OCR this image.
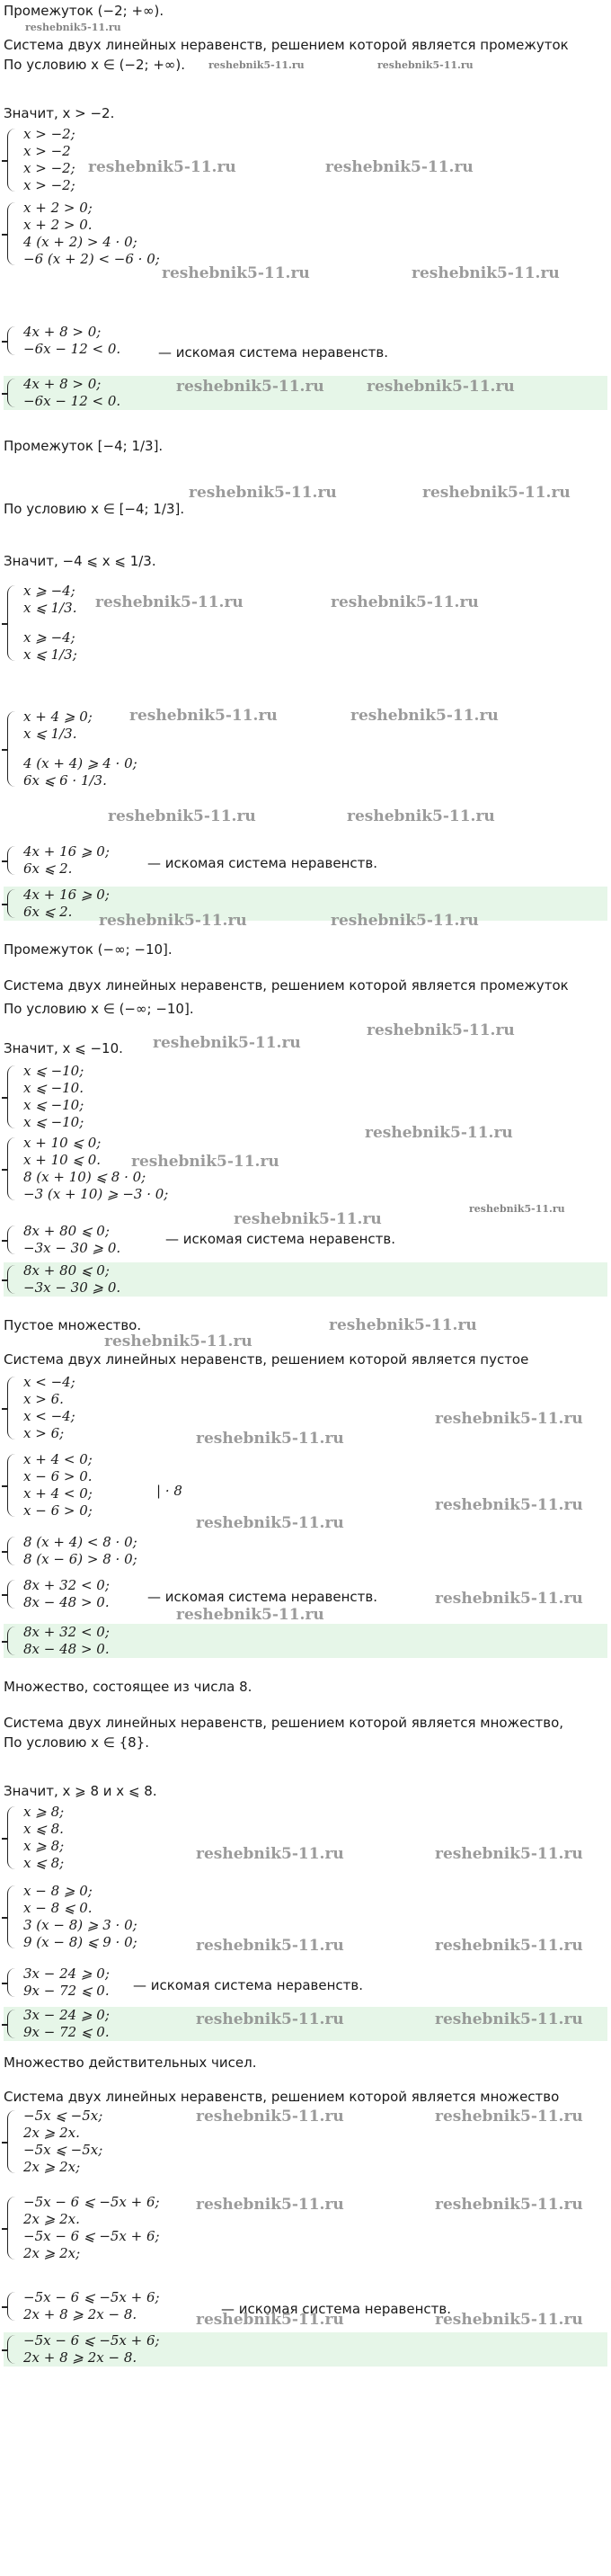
Промежуток (−2; +∞).
reshebnik5-11.ru
Система двух линейных неравенств, решением которой является промежуток
По условию x ∈ (−2; +∞). reshebnik5-11.ru	reshebnik5-11.ru
Значит, x > −2.
x > −2;
x > −2
x > −2;
x > −2;
reshebnik5-11.ru	reshebnik5-11.ru
x + 2 > 0;
x + 2 > 0.
4 (x + 2) > 4 · 0;
−6 (x + 2) < −6 · 0;
reshebnik5-11.ru	reshebnik5-11.ru
4x + 8 > 0;
−6x − 12 < 0.	— искомая система неравенств.
4x + 8 > 0;
−6x − 12 < 0.
reshebnik5-11.ru	reshebnik5-11.ru
Промежуток [−4; 1/3].
По условию x ∈ [−4; 1/3].
reshebnik5-11.ru	reshebnik5-11.ru
Значит, −4 ⩽ x ⩽ 1/3.
x ⩾ −4;
x ⩽ 1/3.
x ⩾ −4;
x ⩽ 1/3;
reshebnik5-11.ru	reshebnik5-11.ru
x + 4 ⩾ 0;
x ⩽ 1/3.
4 (x + 4) ⩾ 4 · 0;
6x ⩽ 6 · 1/3.
reshebnik5-11.ru	reshebnik5-11.ru
reshebnik5-11.ru	reshebnik5-11.ru
4x + 16 ⩾ 0;
6x ⩽ 2.	— искомая система неравенств.
4x + 16 ⩾ 0;
6x ⩽ 2.	reshebnik5-11.ru	reshebnik5-11.ru
Промежуток (−∞; −10].
Система двух линейных неравенств, решением которой является промежуток
По условию x ∈ (−∞; −10].
reshebnik5-11.ru
Значит, x ⩽ −10. reshebnik5-11.ru
x ⩽ −10;
x ⩽ −10.
x ⩽ −10;
x ⩽ −10;
reshebnik5-11.ru
x + 10 ⩽ 0;
x + 10 ⩽ 0.
8 (x + 10) ⩽ 8 · 0;
−3 (x + 10) ⩾ −3 · 0;
reshebnik5-11.ru
reshebnik5-11.ru
8x + 80 ⩽ 0;
−3x − 30 ⩾ 0.
reshebnik5-11.ru
— искомая система неравенств.
8x + 80 ⩽ 0;
−3x − 30 ⩾ 0.
Пустое множество.	reshebnik5-11.ru
reshebnik5-11.ru
Система двух линейных неравенств, решением которой является пустое
x < −4;
x > 6.
x < −4;
x > 6;
reshebnik5-11.ru
reshebnik5-11.ru
x + 4 < 0;
x − 6 > 0.
x + 4 < 0;
x − 6 > 0;
| · 8
reshebnik5-11.ru
reshebnik5-11.ru
8 (x + 4) < 8 · 0;
8 (x − 6) > 8 · 0;
8x + 32 < 0;
8x − 48 > 0.	— искомая система неравенств.
reshebnik5-11.ru
reshebnik5-11.ru
8x + 32 < 0;
8x − 48 > 0.
Множество, состоящее из числа 8.
Система двух линейных неравенств, решением которой является множество,
По условию x ∈ {8}.
Значит, x ⩾ 8 и x ⩽ 8.
x ⩾ 8;
x ⩽ 8.
x ⩾ 8;
x ⩽ 8;	reshebnik5-11.ru	reshebnik5-11.ru
x − 8 ⩾ 0;
x − 8 ⩽ 0.
3 (x − 8) ⩾ 3 · 0;
9 (x − 8) ⩽ 9 · 0;	reshebnik5-11.ru	reshebnik5-11.ru
3x − 24 ⩾ 0;
9x − 72 ⩽ 0.	— искомая система неравенств.
3x − 24 ⩾ 0;
9x − 72 ⩽ 0.
reshebnik5-11.ru	reshebnik5-11.ru
Множество действительных чисел.
Система двух линейных неравенств, решением которой является множество
−5x ⩽ −5x;
2x ⩾ 2x.
−5x ⩽ −5x;
2x ⩾ 2x;
reshebnik5-11.ru	reshebnik5-11.ru
−5x − 6 ⩽ −5x + 6;
2x ⩾ 2x.
−5x − 6 ⩽ −5x + 6;
2x ⩾ 2x;
reshebnik5-11.ru	reshebnik5-11.ru
−5x − 6 ⩽ −5x + 6;
2x + 8 ⩾ 2x − 8.	— искомая система неравенств.
reshebnik5-11.ru	reshebnik5-11.ru
−5x − 6 ⩽ −5x + 6;
2x + 8 ⩾ 2x − 8.
